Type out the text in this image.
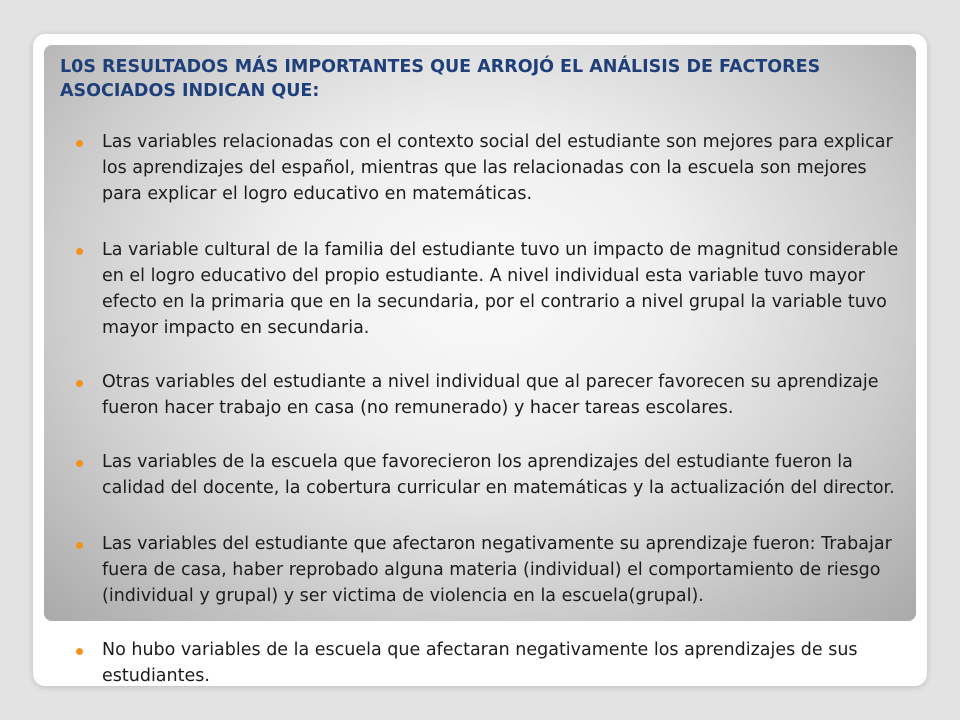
L0S RESULTADOS MÁS IMPORTANTES QUE ARROJÓ EL ANÁLISIS DE FACTORES ASOCIADOS INDICAN QUE:
Las variables relacionadas con el contexto social del estudiante son mejores para explicar los aprendizajes del español, mientras que las relacionadas con la escuela son mejores para explicar el logro educativo en matemáticas.
La variable cultural de la familia del estudiante tuvo un impacto de magnitud considerable en el logro educativo del propio estudiante. A nivel individual esta variable tuvo mayor efecto en la primaria que en la secundaria, por el contrario a nivel grupal la variable tuvo mayor impacto en secundaria.
Otras variables del estudiante a nivel individual que al parecer favorecen su aprendizaje fueron hacer trabajo en casa (no remunerado) y hacer tareas escolares.
Las variables de la escuela que favorecieron los aprendizajes del estudiante fueron la calidad del docente, la cobertura curricular en matemáticas y la actualización del director.
Las variables del estudiante que afectaron negativamente su aprendizaje fueron: Trabajar fuera de casa, haber reprobado alguna materia (individual) el comportamiento de riesgo (individual y grupal) y ser victima de violencia en la escuela(grupal).
No hubo variables de la escuela que afectaran negativamente los aprendizajes de sus estudiantes.
